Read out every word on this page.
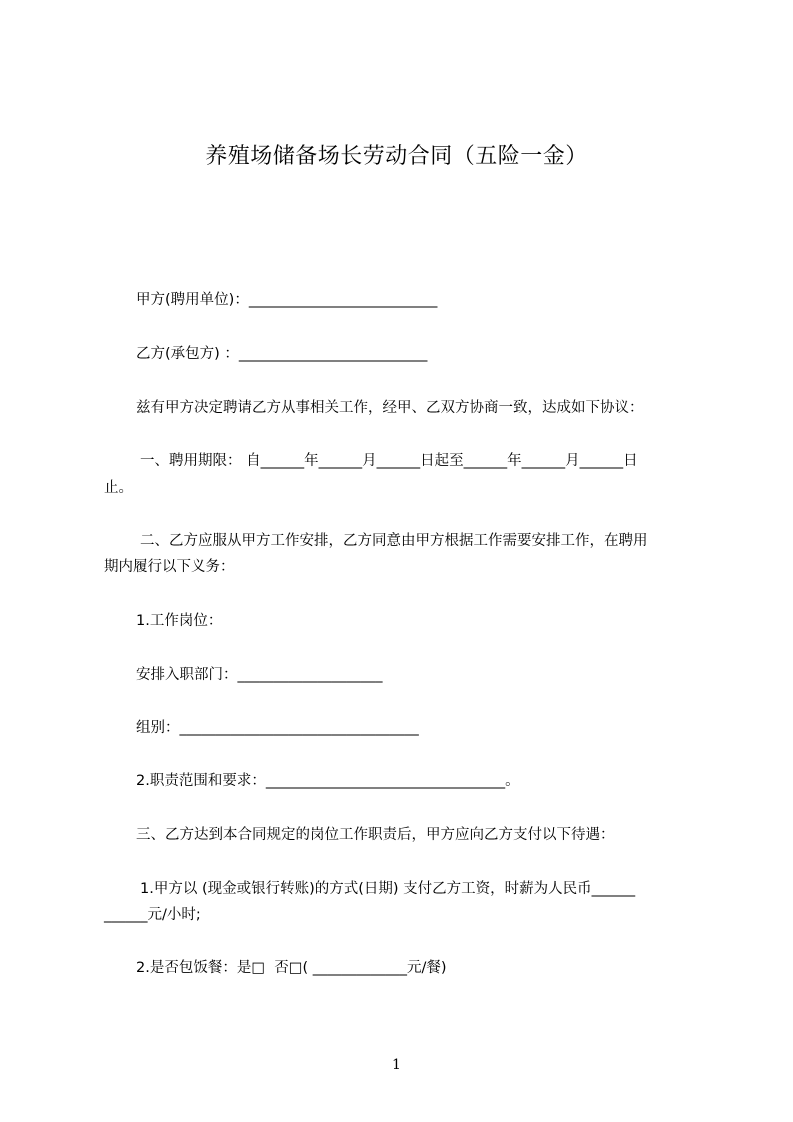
养殖场储备场长劳动合同（五险一金）
甲方(聘用单位)：__________________________
乙方(承包方) ：__________________________
兹有甲方决定聘请乙方从事相关工作，经甲、乙双方协商一致，达成如下协议：
一、聘用期限： 自______年______月______日起至______年______月______日
止。
二、乙方应服从甲方工作安排，乙方同意由甲方根据工作需要安排工作，在聘用
期内履行以下义务：
1.工作岗位：
安排入职部门：____________________
组别：_________________________________
2.职责范围和要求：_________________________________。
三、乙方达到本合同规定的岗位工作职责后，甲方应向乙方支付以下待遇：
1.甲方以 (现金或银行转账)的方式(日期) 支付乙方工资，时薪为人民币______
______元/小时;
2.是否包饭餐：是□  否□( _____________元/餐)
1
